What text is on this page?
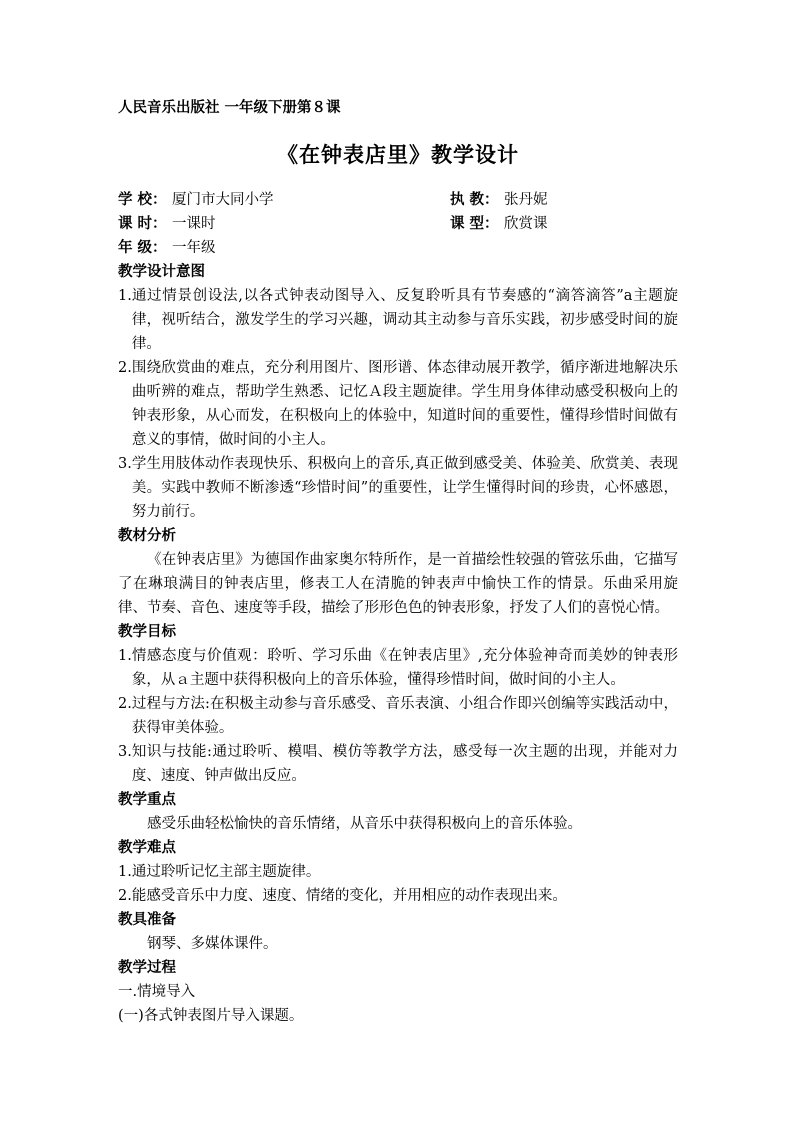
人民音乐出版社 一年级下册第８课
《在钟表店里》教学设计
学 校： 厦门市大同小学	执 教： 张丹妮
课 时： 一课时	课 型： 欣赏课
年 级： 一年级
教学设计意图
1. 通过情景创设法,以各式钟表动图导入、反复聆听具有节奏感的“滴答滴答”a主题旋律，视听结合，激发学生的学习兴趣，调动其主动参与音乐实践，初步感受时间的旋律。
2. 围绕欣赏曲的难点，充分利用图片、图形谱、体态律动展开教学，循序渐进地解决乐曲听辨的难点，帮助学生熟悉、记忆Ａ段主题旋律。学生用身体律动感受积极向上的钟表形象，从心而发，在积极向上的体验中，知道时间的重要性，懂得珍惜时间做有意义的事情，做时间的小主人。
3. 学生用肢体动作表现快乐、积极向上的音乐,真正做到感受美、体验美、欣赏美、表现美。实践中教师不断渗透“珍惜时间”的重要性，让学生懂得时间的珍贵，心怀感恩，努力前行。
教材分析
《在钟表店里》为德国作曲家奥尔特所作，是一首描绘性较强的管弦乐曲，它描写了在琳琅满目的钟表店里，修表工人在清脆的钟表声中愉快工作的情景。乐曲采用旋律、节奏、音色、速度等手段，描绘了形形色色的钟表形象，抒发了人们的喜悦心情。
教学目标
1. 情感态度与价值观：聆听、学习乐曲《在钟表店里》,充分体验神奇而美妙的钟表形象，从ａ主题中获得积极向上的音乐体验，懂得珍惜时间，做时间的小主人。
2. 过程与方法:在积极主动参与音乐感受、音乐表演、小组合作即兴创编等实践活动中，获得审美体验。
3. 知识与技能:通过聆听、模唱、模仿等教学方法，感受每一次主题的出现，并能对力度、速度、钟声做出反应。
教学重点
感受乐曲轻松愉快的音乐情绪，从音乐中获得积极向上的音乐体验。
教学难点
1. 通过聆听记忆主部主题旋律。
2. 能感受音乐中力度、速度、情绪的变化，并用相应的动作表现出来。
教具准备
钢琴、多媒体课件。
教学过程
一.情境导入
(一)各式钟表图片导入课题。
